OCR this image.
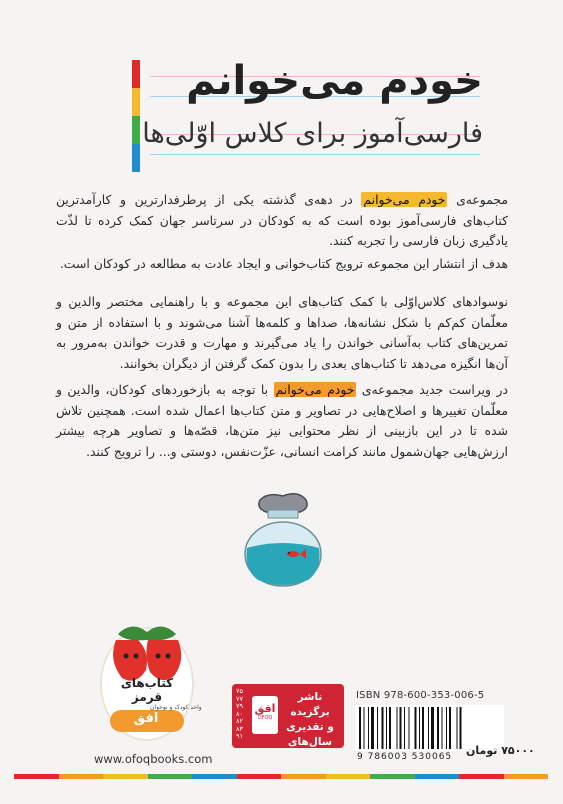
خودم می‌خوانم
فارسی‌آموز برای کلاس اوّلی‌ها
مجموعه‌ی خودم می‌خوانم در دهه‌ی گذشته یکی از پرطرفدارترین و کارآمدترین کتاب‌های فارسی‌آموز بوده است که به کودکان در سرتاسر جهان کمک کرده تا لذّت یادگیری زبان فارسی را تجربه کنند.
هدف از انتشار این مجموعه ترویج کتاب‌خوانی و ایجاد عادت به مطالعه در کودکان است.
نوسوادهای کلاس‌اوّلی با کمک کتاب‌های این مجموعه و با راهنمایی مختصر والدین و معلّمان کم‌کم با شکل نشانه‌ها، صداها و کلمه‌ها آشنا می‌شوند و با استفاده از متن و تمرین‌های کتاب به‌آسانی خواندن را یاد می‌گیرند و مهارت و قدرت خواندن به‌مرور به آن‌ها انگیزه می‌دهد تا کتاب‌های بعدی را بدون کمک گرفتن از دیگران بخوانند.
در ویراست جدید مجموعه‌ی خودم می‌خوانم با توجه به بازخوردهای کودکان، والدین و معلّمان تغییرها و اصلاح‌هایی در تصاویر و متن کتاب‌ها اعمال شده است. همچنین تلاش شده تا در این بازبینی از نظر محتوایی نیز متن‌ها، قصّه‌ها و تصاویر هرچه بیشتر ارزش‌هایی جهان‌شمول مانند کرامت انسانی، عزّت‌نفس، دوستی و... را ترویج کنند.
کتاب‌های قرمز
واحد کودک و نوجوان
افق
۷۵
۷۷
۷۹
۸۰
۸۲
۸۳
۹۱
افق
OFOQ
ناشر برگزیده
و تقدیری
سال‌های
ISBN 978-600-353-006-5
9 786003 530065 ۷۵۰۰۰ تومان
www.ofoqbooks.com
